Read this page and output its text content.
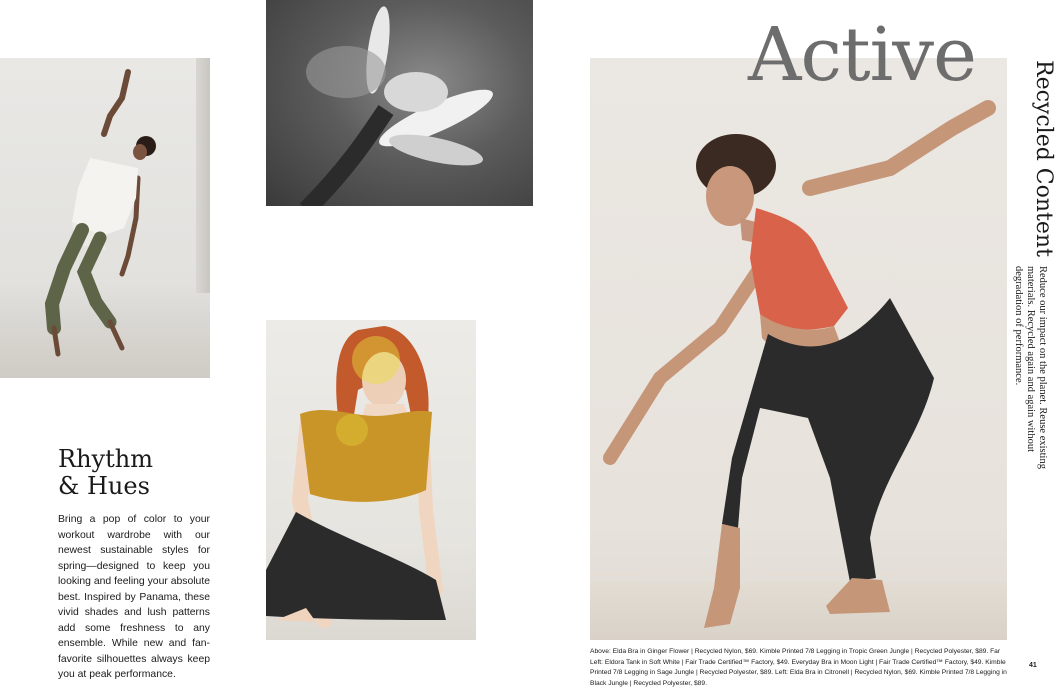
Active
Recycled Content
Reduce our impact on the planet. Reuse existing materials. Recycled again and again without degradation of performance.
Rhythm
& Hues
Bring a pop of color to your workout wardrobe with our newest sustainable styles for spring—designed to keep you looking and feeling your absolute best. Inspired by Panama, these vivid shades and lush patterns add some freshness to any ensemble. While new and fan-favorite silhouettes always keep you at peak performance.
Above: Elda Bra in Ginger Flower | Recycled Nylon, $69. Kimble Printed 7/8 Legging in Tropic Green Jungle | Recycled Polyester, $89. Far Left: Eldora Tank in Soft White | Fair Trade Certified™ Factory, $49. Everyday Bra in Moon Light | Fair Trade Certified™ Factory, $49. Kimble Printed 7/8 Legging in Sage Jungle | Recycled Polyester, $89. Left: Elda Bra in Citronell | Recycled Nylon, $69. Kimble Printed 7/8 Legging in Black Jungle | Recycled Polyester, $89.
41
